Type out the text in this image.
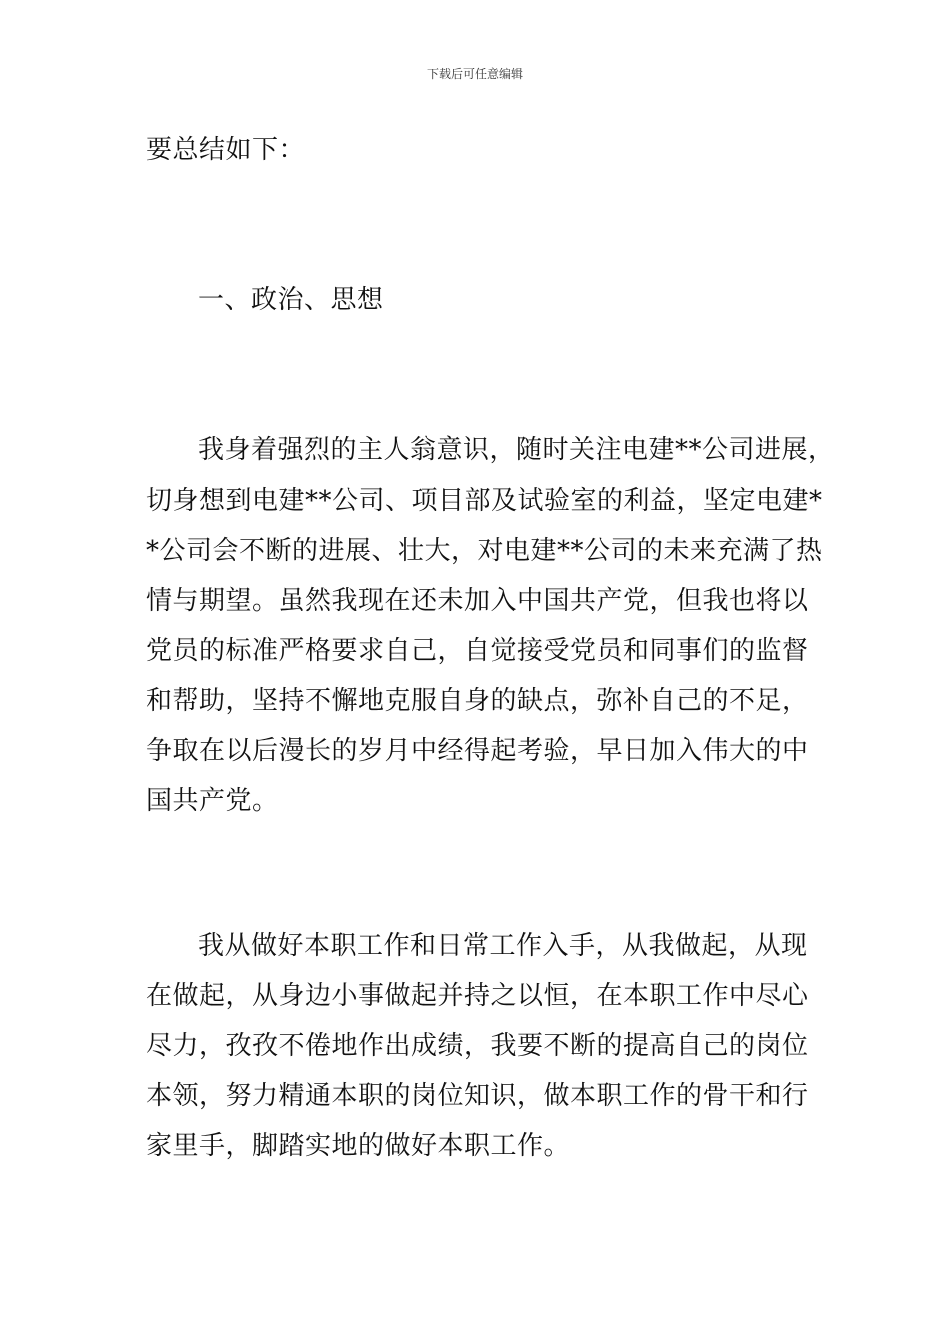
下载后可任意编辑
要总结如下：
一、政治、思想
我身着强烈的主人翁意识，随时关注电建**公司进展，
切身想到电建**公司、项目部及试验室的利益，坚定电建*
*公司会不断的进展、壮大，对电建**公司的未来充满了热
情与期望。虽然我现在还未加入中国共产党，但我也将以
党员的标准严格要求自己，自觉接受党员和同事们的监督
和帮助，坚持不懈地克服自身的缺点，弥补自己的不足，
争取在以后漫长的岁月中经得起考验，早日加入伟大的中
国共产党。
我从做好本职工作和日常工作入手，从我做起，从现
在做起，从身边小事做起并持之以恒，在本职工作中尽心
尽力，孜孜不倦地作出成绩，我要不断的提高自己的岗位
本领，努力精通本职的岗位知识，做本职工作的骨干和行
家里手，脚踏实地的做好本职工作。
